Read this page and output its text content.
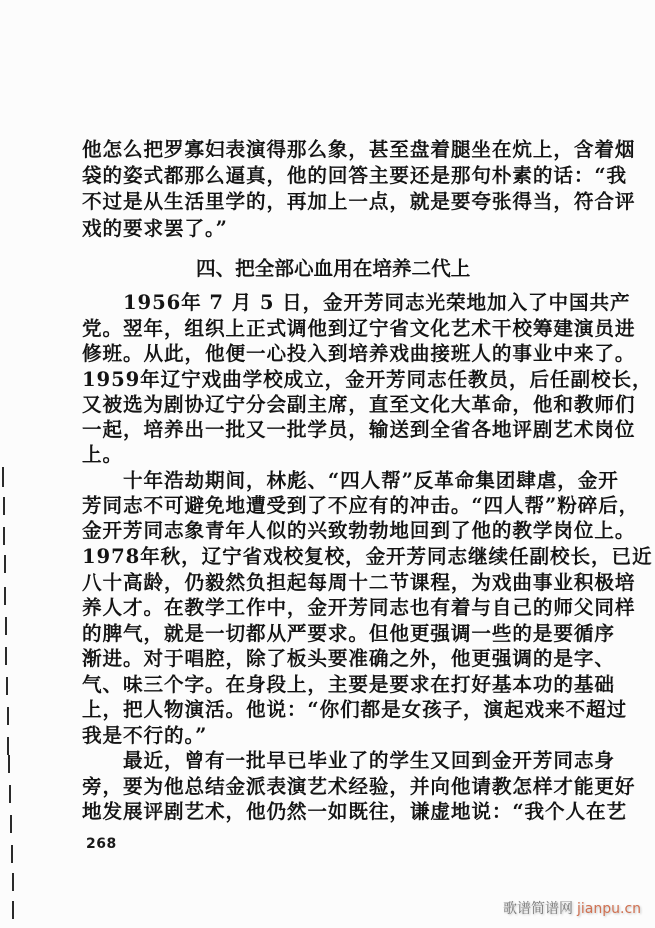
他怎么把罗寡妇表演得那么象，甚至盘着腿坐在炕上，含着烟
袋的姿式都那么逼真，他的回答主要还是那句朴素的话：“我
不过是从生活里学的，再加上一点，就是要夸张得当，符合评
戏的要求罢了。”
四、把全部心血用在培养二代上
1956年 7 月 5 日，金开芳同志光荣地加入了中国共产
党。翌年，组织上正式调他到辽宁省文化艺术干校筹建演员进
修班。从此，他便一心投入到培养戏曲接班人的事业中来了。
1959年辽宁戏曲学校成立，金开芳同志任教员，后任副校长，
又被选为剧协辽宁分会副主席，直至文化大革命，他和教师们
一起，培养出一批又一批学员，输送到全省各地评剧艺术岗位
上。
十年浩劫期间，林彪、“四人帮”反革命集团肆虐，金开
芳同志不可避免地遭受到了不应有的冲击。“四人帮”粉碎后，
金开芳同志象青年人似的兴致勃勃地回到了他的教学岗位上。
1978年秋，辽宁省戏校复校，金开芳同志继续任副校长，已近
八十高龄，仍毅然负担起每周十二节课程，为戏曲事业积极培
养人才。在教学工作中，金开芳同志也有着与自己的师父同样
的脾气，就是一切都从严要求。但他更强调一些的是要循序
渐进。对于唱腔，除了板头要准确之外，他更强调的是字、
气、味三个字。在身段上，主要是要求在打好基本功的基础
上，把人物演活。他说：“你们都是女孩子，演起戏来不超过
我是不行的。”
最近，曾有一批早已毕业了的学生又回到金开芳同志身
旁，要为他总结金派表演艺术经验，并向他请教怎样才能更好
地发展评剧艺术，他仍然一如既往，谦虚地说：“我个人在艺
268
歌谱简谱网 jianpu.cn
